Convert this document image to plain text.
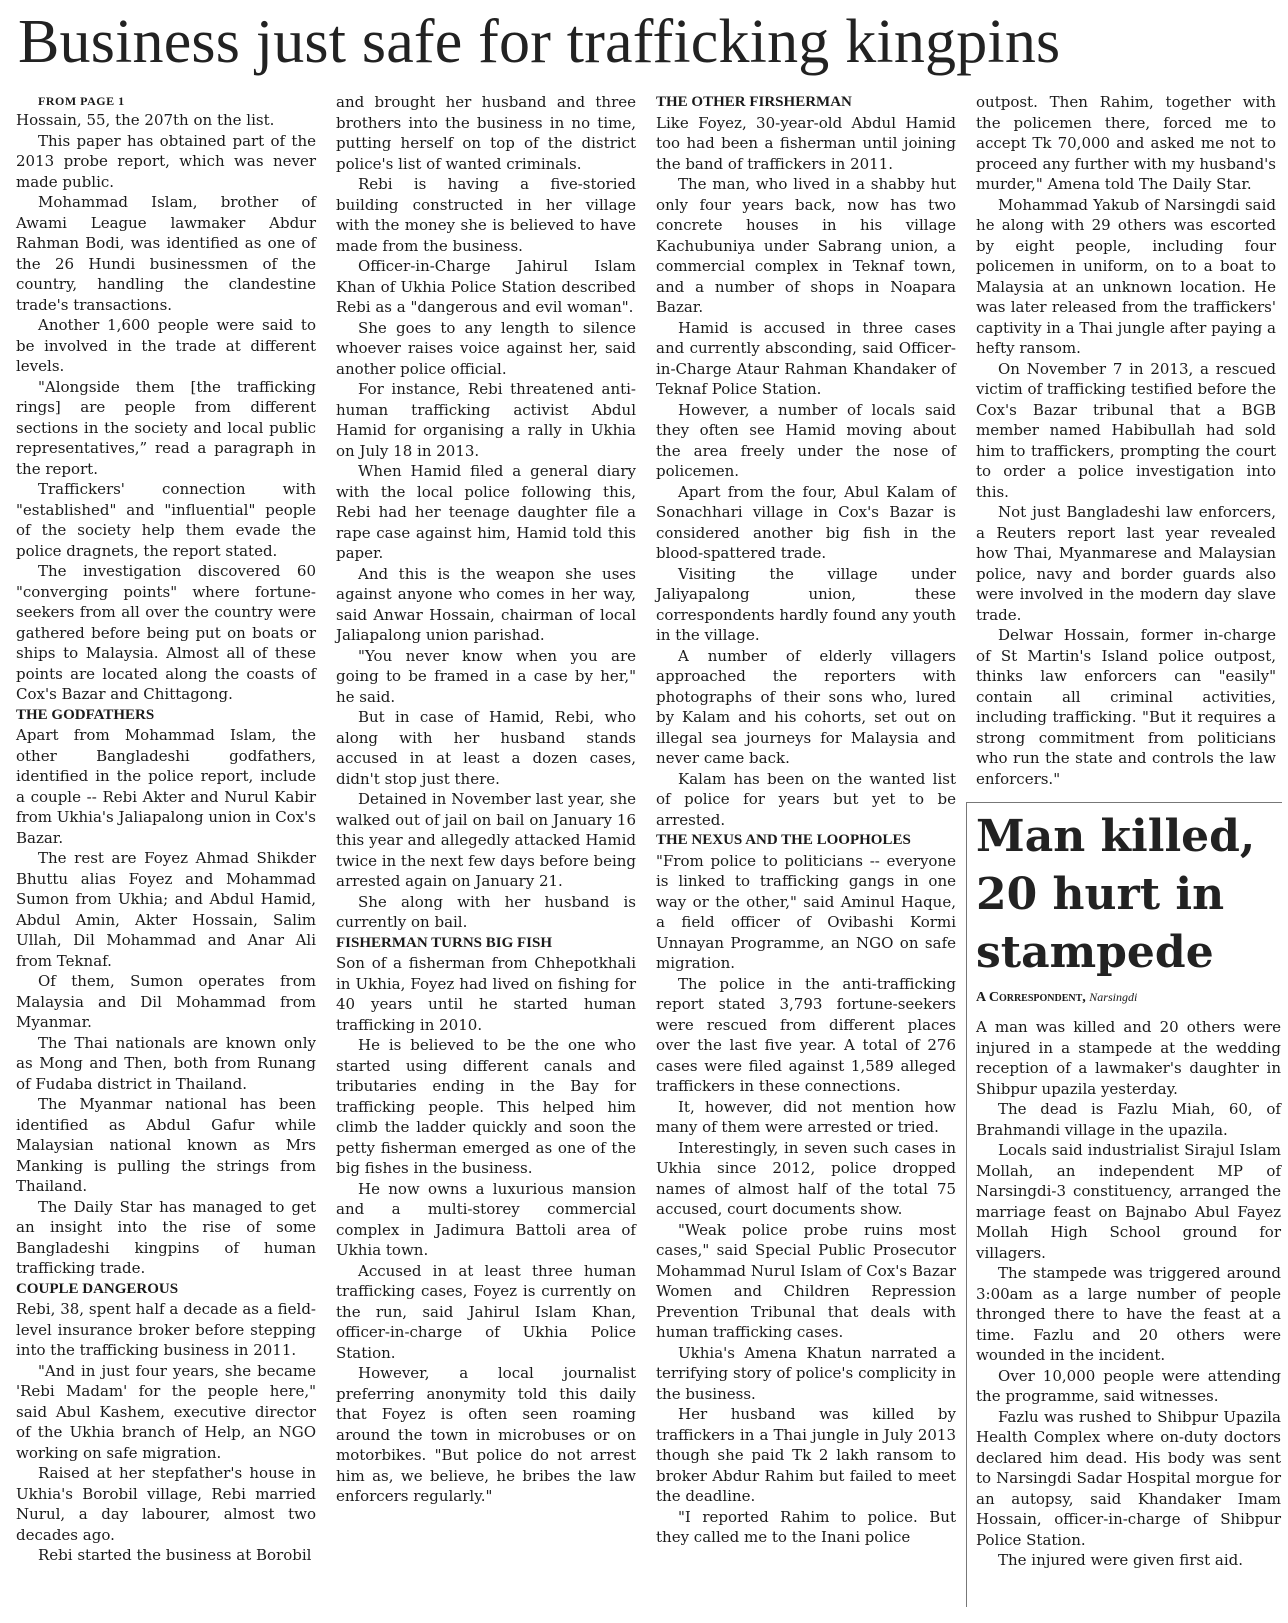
Business just safe for trafficking kingpins

FROM PAGE 1

Hossain, 55, the 207th on the list.

This paper has obtained part of the 2013 probe report, which was never made public.

Mohammad Islam, brother of Awami League lawmaker Abdur Rahman Bodi, was identified as one of the 26 Hundi businessmen of the country, handling the clandestine trade's transactions.

Another 1,600 people were said to be involved in the trade at different levels.

"Alongside them [the trafficking rings] are people from different sections in the society and local public representatives,” read a paragraph in the report.

Traffickers' connection with "established" and "influential" people of the society help them evade the police dragnets, the report stated.

The investigation discovered 60 "converging points" where fortune-seekers from all over the country were gathered before being put on boats or ships to Malaysia. Almost all of these points are located along the coasts of Cox's Bazar and Chittagong.

THE GODFATHERS

Apart from Mohammad Islam, the other Bangladeshi godfathers, identified in the police report, include a couple -- Rebi Akter and Nurul Kabir from Ukhia's Jaliapalong union in Cox's Bazar.

The rest are Foyez Ahmad Shikder Bhuttu alias Foyez and Mohammad Sumon from Ukhia; and Abdul Hamid, Abdul Amin, Akter Hossain, Salim Ullah, Dil Mohammad and Anar Ali from Teknaf.

Of them, Sumon operates from Malaysia and Dil Mohammad from Myanmar.

The Thai nationals are known only as Mong and Then, both from Runang of Fudaba district in Thailand.

The Myanmar national has been identified as Abdul Gafur while Malaysian national known as Mrs Manking is pulling the strings from Thailand.

The Daily Star has managed to get an insight into the rise of some Bangladeshi kingpins of human trafficking trade.

COUPLE DANGEROUS

Rebi, 38, spent half a decade as a field-level insurance broker before stepping into the trafficking business in 2011.

"And in just four years, she became 'Rebi Madam' for the people here," said Abul Kashem, executive director of the Ukhia branch of Help, an NGO working on safe migration.

Raised at her stepfather's house in Ukhia's Borobil village, Rebi married Nurul, a day labourer, almost two decades ago.

Rebi started the business at Borobil

and brought her husband and three brothers into the business in no time, putting herself on top of the district police's list of wanted criminals.

Rebi is having a five-storied building constructed in her village with the money she is believed to have made from the business.

Officer-in-Charge Jahirul Islam Khan of Ukhia Police Station described Rebi as a "dangerous and evil woman".

She goes to any length to silence whoever raises voice against her, said another police official.

For instance, Rebi threatened anti-human trafficking activist Abdul Hamid for organising a rally in Ukhia on July 18 in 2013.

When Hamid filed a general diary with the local police following this, Rebi had her teenage daughter file a rape case against him, Hamid told this paper.

And this is the weapon she uses against anyone who comes in her way, said Anwar Hossain, chairman of local Jaliapalong union parishad.

"You never know when you are going to be framed in a case by her," he said.

But in case of Hamid, Rebi, who along with her husband stands accused in at least a dozen cases, didn't stop just there.

Detained in November last year, she walked out of jail on bail on January 16 this year and allegedly attacked Hamid twice in the next few days before being arrested again on January 21.

She along with her husband is currently on bail.

FISHERMAN TURNS BIG FISH

Son of a fisherman from Chhepotkhali in Ukhia, Foyez had lived on fishing for 40 years until he started human trafficking in 2010.

He is believed to be the one who started using different canals and tributaries ending in the Bay for trafficking people. This helped him climb the ladder quickly and soon the petty fisherman emerged as one of the big fishes in the business.

He now owns a luxurious mansion and a multi-storey commercial complex in Jadimura Battoli area of Ukhia town.

Accused in at least three human trafficking cases, Foyez is currently on the run, said Jahirul Islam Khan, officer-in-charge of Ukhia Police Station.

However, a local journalist preferring anonymity told this daily that Foyez is often seen roaming around the town in microbuses or on motorbikes. "But police do not arrest him as, we believe, he bribes the law enforcers regularly."

THE OTHER FIRSHERMAN

Like Foyez, 30-year-old Abdul Hamid too had been a fisherman until joining the band of traffickers in 2011.

The man, who lived in a shabby hut only four years back, now has two concrete houses in his village Kachubuniya under Sabrang union, a commercial complex in Teknaf town, and a number of shops in Noapara Bazar.

Hamid is accused in three cases and currently absconding, said Officer-in-Charge Ataur Rahman Khandaker of Teknaf Police Station.

However, a number of locals said they often see Hamid moving about the area freely under the nose of policemen.

Apart from the four, Abul Kalam of Sonachhari village in Cox's Bazar is considered another big fish in the blood-spattered trade.

Visiting the village under Jaliyapalong union, these correspondents hardly found any youth in the village.

A number of elderly villagers approached the reporters with photographs of their sons who, lured by Kalam and his cohorts, set out on illegal sea journeys for Malaysia and never came back.

Kalam has been on the wanted list of police for years but yet to be arrested.

THE NEXUS AND THE LOOPHOLES

"From police to politicians -- everyone is linked to trafficking gangs in one way or the other," said Aminul Haque, a field officer of Ovibashi Kormi Unnayan Programme, an NGO on safe migration.

The police in the anti-trafficking report stated 3,793 fortune-seekers were rescued from different places over the last five year. A total of 276 cases were filed against 1,589 alleged traffickers in these connections.

It, however, did not mention how many of them were arrested or tried.

Interestingly, in seven such cases in Ukhia since 2012, police dropped names of almost half of the total 75 accused, court documents show.

"Weak police probe ruins most cases," said Special Public Prosecutor Mohammad Nurul Islam of Cox's Bazar Women and Children Repression Prevention Tribunal that deals with human trafficking cases.

Ukhia's Amena Khatun narrated a terrifying story of police's complicity in the business.

Her husband was killed by traffickers in a Thai jungle in July 2013 though she paid Tk 2 lakh ransom to broker Abdur Rahim but failed to meet the deadline.

"I reported Rahim to police. But they called me to the Inani police

outpost. Then Rahim, together with the policemen there, forced me to accept Tk 70,000 and asked me not to proceed any further with my husband's murder," Amena told The Daily Star.

Mohammad Yakub of Narsingdi said he along with 29 others was escorted by eight people, including four policemen in uniform, on to a boat to Malaysia at an unknown location. He was later released from the traffickers' captivity in a Thai jungle after paying a hefty ransom.

On November 7 in 2013, a rescued victim of trafficking testified before the Cox's Bazar tribunal that a BGB member named Habibullah had sold him to traffickers, prompting the court to order a police investigation into this.

Not just Bangladeshi law enforcers, a Reuters report last year revealed how Thai, Myanmarese and Malaysian police, navy and border guards also were involved in the modern day slave trade.

Delwar Hossain, former in-charge of St Martin's Island police outpost, thinks law enforcers can "easily" contain all criminal activities, including trafficking. "But it requires a strong commitment from politicians who run the state and controls the law enforcers."

Man killed, 20 hurt in stampede
A Correspondent, Narsingdi

A man was killed and 20 others were injured in a stampede at the wedding reception of a lawmaker's daughter in Shibpur upazila yesterday.

The dead is Fazlu Miah, 60, of Brahmandi village in the upazila.

Locals said industrialist Sirajul Islam Mollah, an independent MP of Narsingdi-3 constituency, arranged the marriage feast on Bajnabo Abul Fayez Mollah High School ground for villagers.

The stampede was triggered around 3:00am as a large number of people thronged there to have the feast at a time. Fazlu and 20 others were wounded in the incident.

Over 10,000 people were attending the programme, said witnesses.

Fazlu was rushed to Shibpur Upazila Health Complex where on-duty doctors declared him dead. His body was sent to Narsingdi Sadar Hospital morgue for an autopsy, said Khandaker Imam Hossain, officer-in-charge of Shibpur Police Station.

The injured were given first aid.
